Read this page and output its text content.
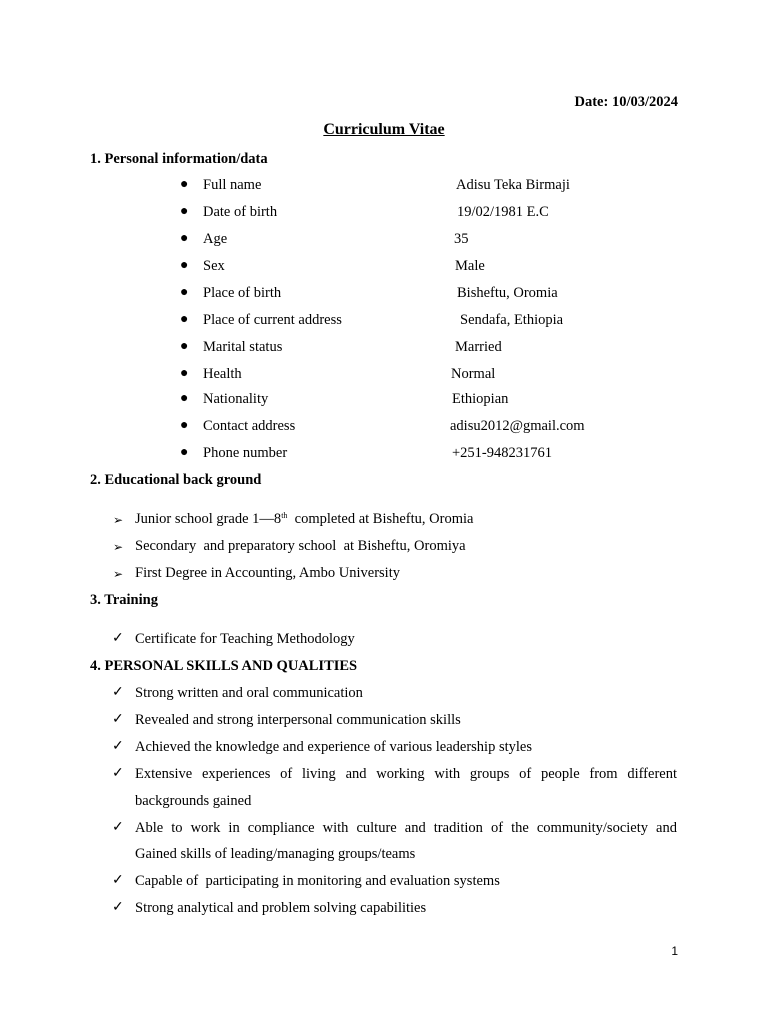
Date: 10/03/2024
Curriculum Vitae
1. Personal information/data
● Full name	Adisu Teka Birmaji
● Date of birth	19/02/1981 E.C
● Age	35
● Sex	Male
● Place of birth	Bisheftu, Oromia
● Place of current address	Sendafa, Ethiopia
● Marital status	Married
● Health	Normal
● Nationality	Ethiopian
● Contact address	adisu2012@gmail.com
● Phone number	+251-948231761
2. Educational back ground
➢ Junior school grade 1—8th  completed at Bisheftu, Oromia
➢ Secondary  and preparatory school  at Bisheftu, Oromiya
➢ First Degree in Accounting, Ambo University
3. Training
✓ Certificate for Teaching Methodology
4. PERSONAL SKILLS AND QUALITIES
✓ Strong written and oral communication
✓ Revealed and strong interpersonal communication skills
✓ Achieved the knowledge and experience of various leadership styles
✓ Extensive experiences of living and working with groups of people from different
backgrounds gained
✓ Able to work in compliance with culture and tradition of the community/society and
Gained skills of leading/managing groups/teams
✓ Capable of  participating in monitoring and evaluation systems
✓ Strong analytical and problem solving capabilities
1
